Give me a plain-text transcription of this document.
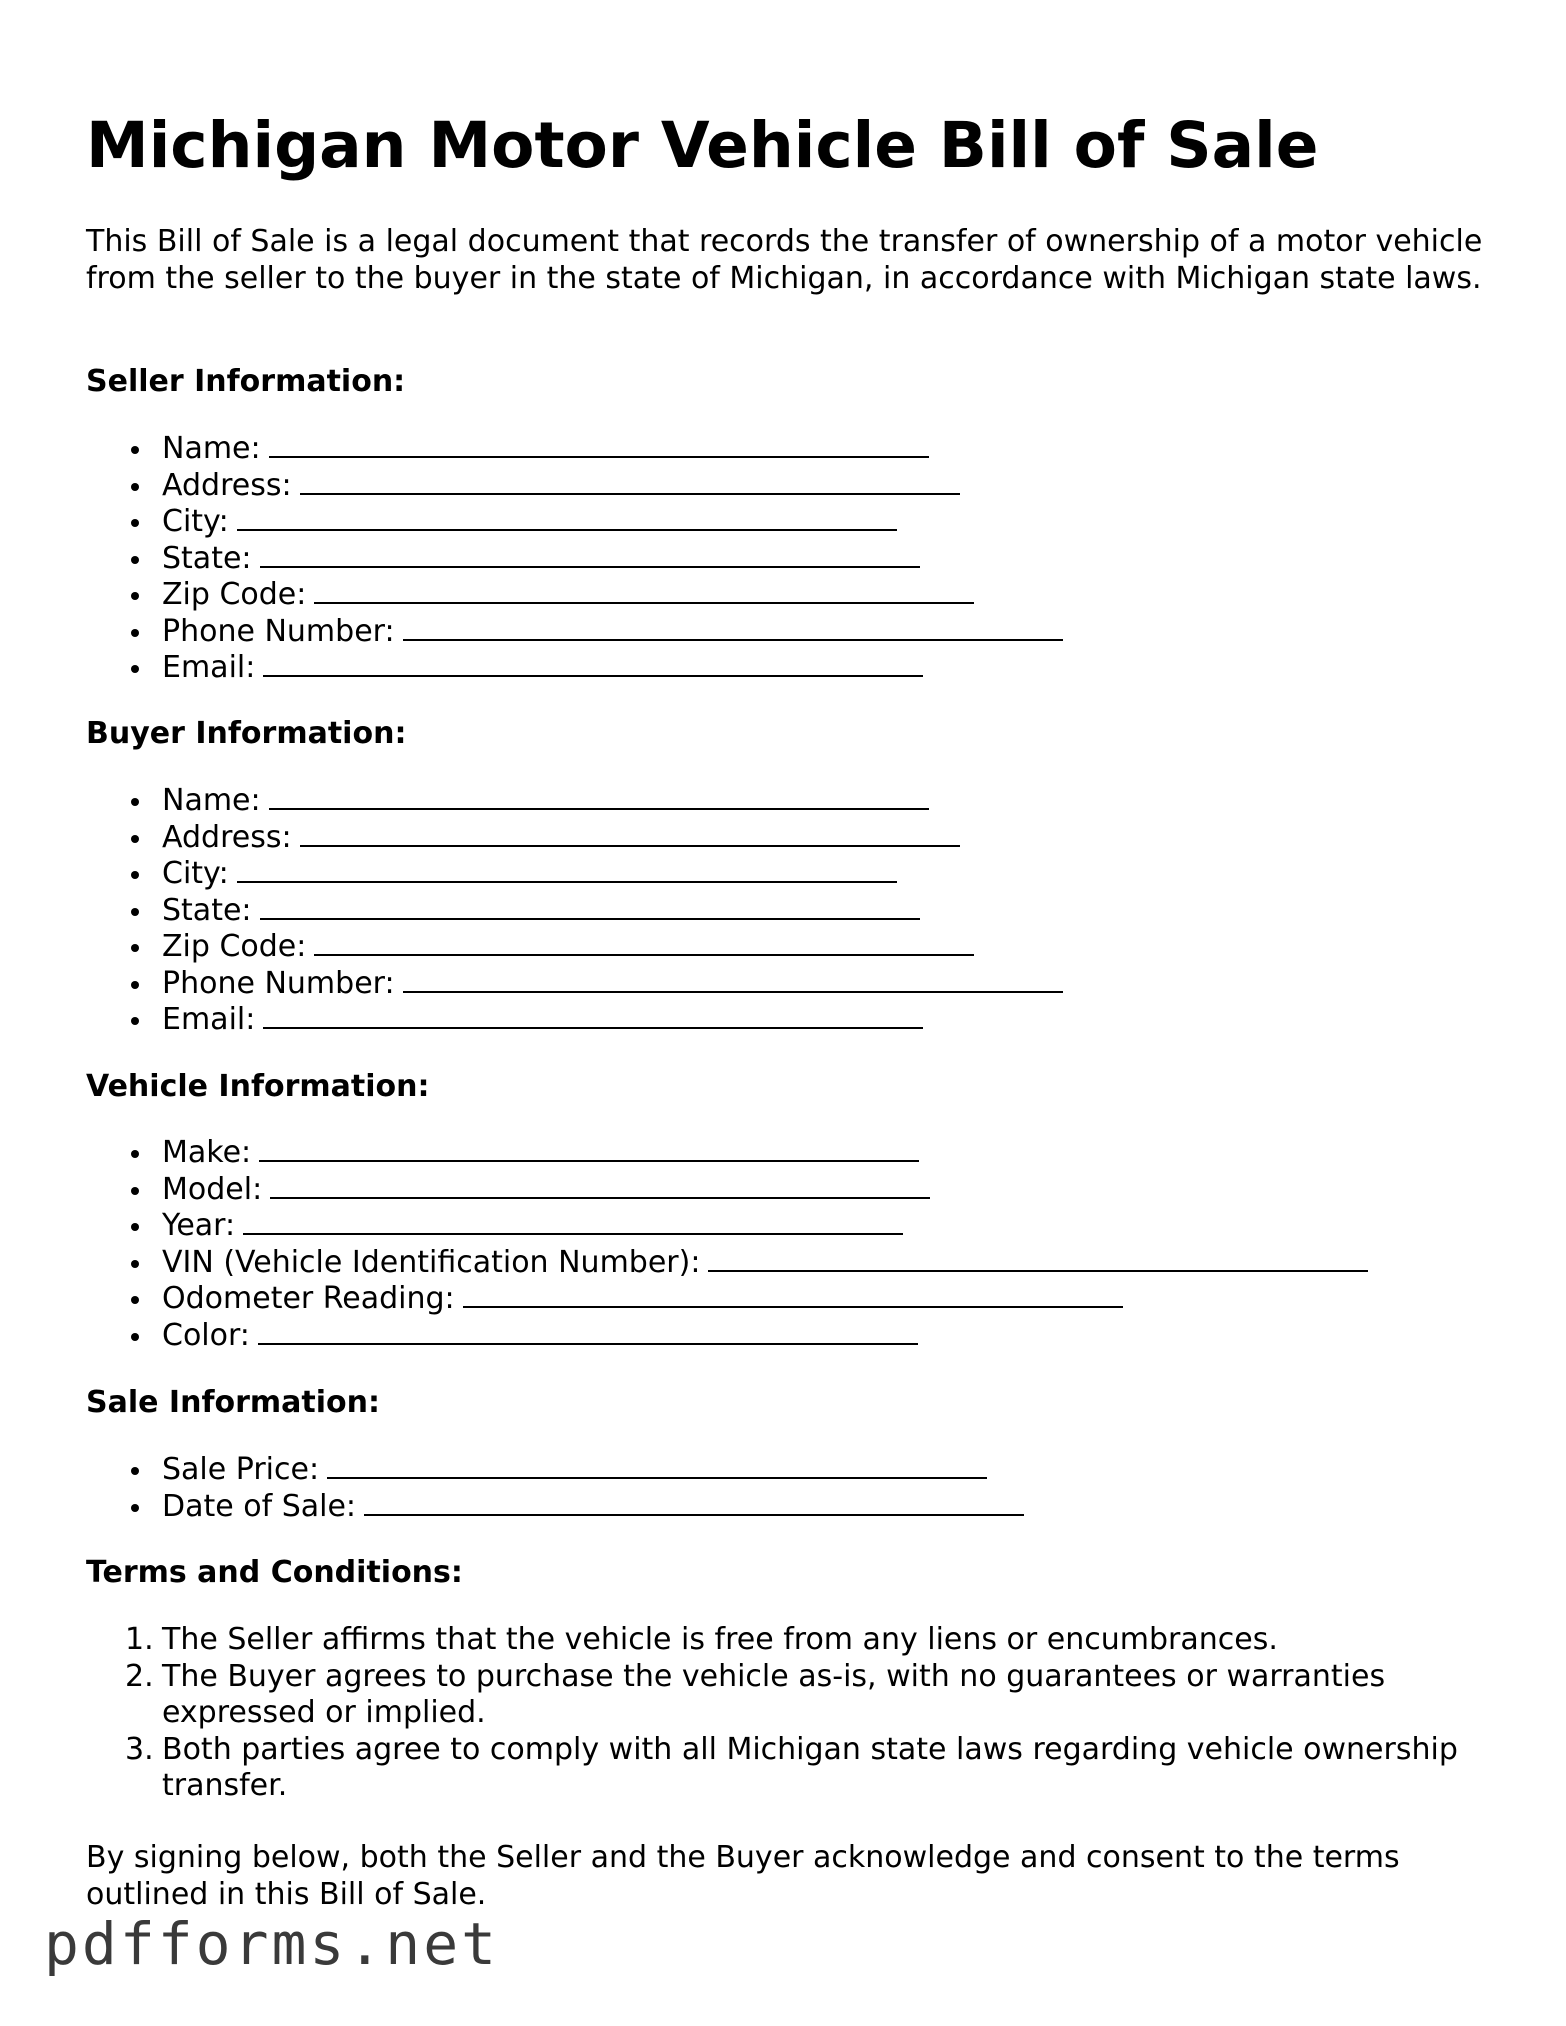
Michigan Motor Vehicle Bill of Sale

This Bill of Sale is a legal document that records the transfer of ownership of a motor vehicle from the seller to the buyer in the state of Michigan, in accordance with Michigan state laws.

Seller Information:
Name:
Address:
City:
State:
Zip Code:
Phone Number:
Email:
Buyer Information:
Name:
Address:
City:
State:
Zip Code:
Phone Number:
Email:
Vehicle Information:
Make:
Model:
Year:
VIN (Vehicle Identification Number):
Odometer Reading:
Color:
Sale Information:
Sale Price:
Date of Sale:
Terms and Conditions:
1. The Seller affirms that the vehicle is free from any liens or encumbrances.
2. The Buyer agrees to purchase the vehicle as-is, with no guarantees or warranties expressed or implied.
3. Both parties agree to comply with all Michigan state laws regarding vehicle ownership transfer.

By signing below, both the Seller and the Buyer acknowledge and consent to the terms outlined in this Bill of Sale.

pdfforms.net
